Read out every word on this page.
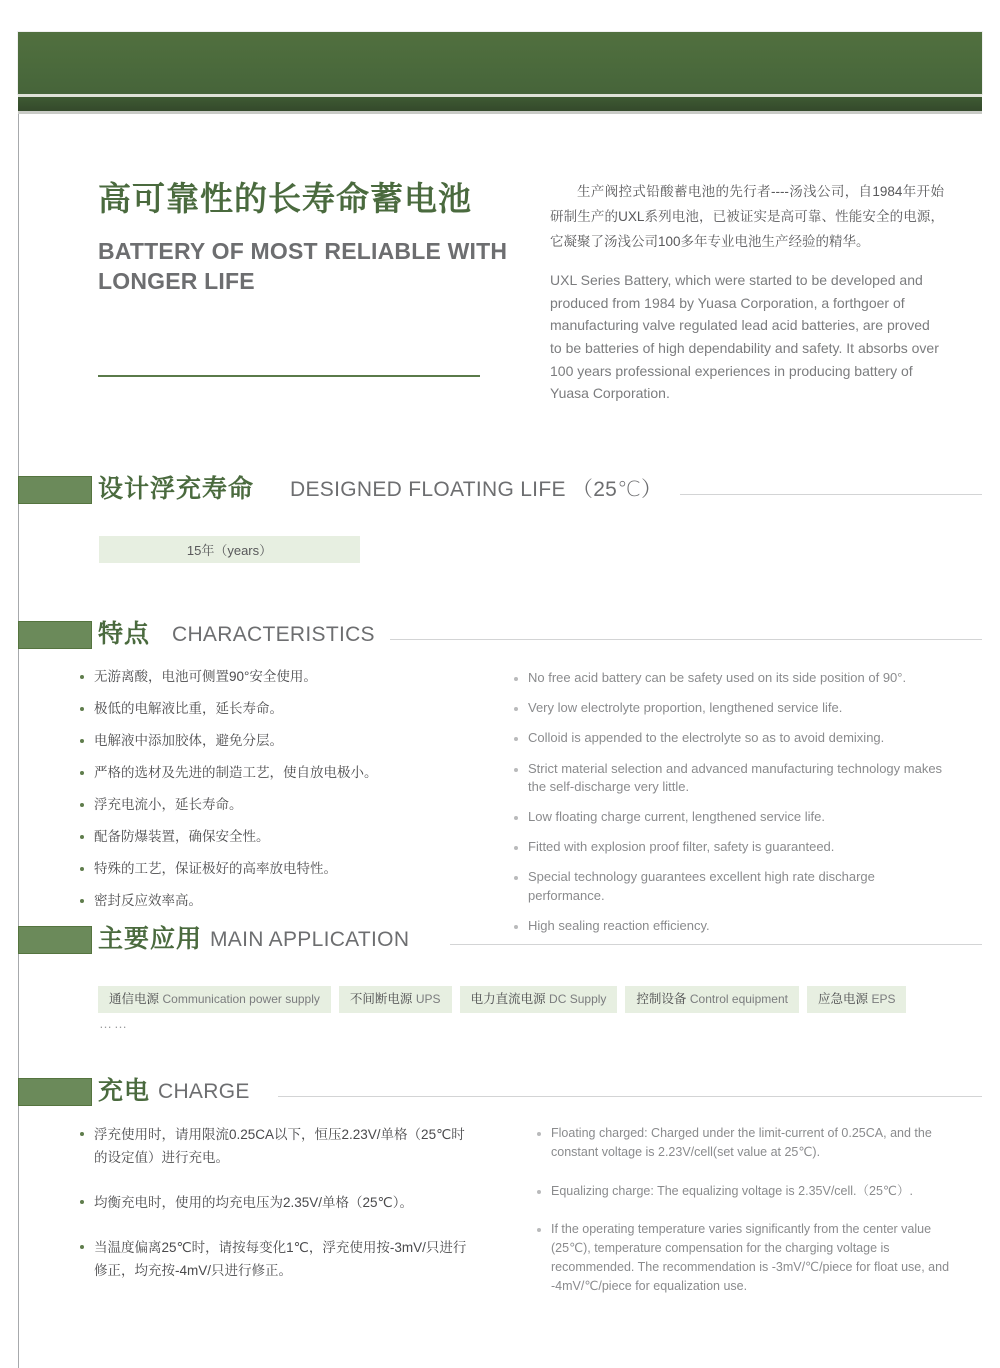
高可靠性的长寿命蓄电池
BATTERY OF MOST RELIABLE WITH LONGER LIFE

生产阀控式铅酸蓄电池的先行者----汤浅公司，自1984年开始研制生产的UXL系列电池，已被证实是高可靠、性能安全的电源，它凝聚了汤浅公司100多年专业电池生产经验的精华。

UXL Series Battery, which were started to be developed and produced from 1984 by Yuasa Corporation, a forthgoer of manufacturing valve regulated lead acid batteries, are proved to be batteries of high dependability and safety. It absorbs over 100 years professional experiences in producing battery of Yuasa Corporation.

设计浮充寿命 DESIGNED FLOATING LIFE （25℃）
15年（years）
特点 CHARACTERISTICS
无游离酸，电池可侧置90°安全使用。
极低的电解液比重，延长寿命。
电解液中添加胶体，避免分层。
严格的选材及先进的制造工艺，使自放电极小。
浮充电流小，延长寿命。
配备防爆装置，确保安全性。
特殊的工艺，保证极好的高率放电特性。
密封反应效率高。
No free acid battery can be safety used on its side position of 90°.
Very low electrolyte proportion, lengthened service life.
Colloid is appended to the electrolyte so as to avoid demixing.
Strict material selection and advanced manufacturing technology makes the self-discharge very little.
Low floating charge current, lengthened service life.
Fitted with explosion proof filter, safety is guaranteed.
Special technology guarantees excellent high rate discharge performance.
High sealing reaction efficiency.
主要应用 MAIN APPLICATION
通信电源 Communication power supply	不间断电源 UPS	电力直流电源 DC Supply	控制设备 Control equipment	应急电源 EPS
……
充电 CHARGE
浮充使用时，请用限流0.25CA以下，恒压2.23V/单格（25℃时的设定值）进行充电。
均衡充电时，使用的均充电压为2.35V/单格（25℃）。
当温度偏离25℃时，请按每变化1℃，浮充使用按-3mV/只进行修正，均充按-4mV/只进行修正。
Floating charged: Charged under the limit-current of 0.25CA, and the constant voltage is 2.23V/cell(set value at 25℃).
Equalizing charge: The equalizing voltage is 2.35V/cell.（25℃）.
If the operating temperature varies significantly from the center value (25℃), temperature compensation for the charging voltage is recommended. The recommendation is -3mV/℃/piece for float use, and -4mV/℃/piece for equalization use.
